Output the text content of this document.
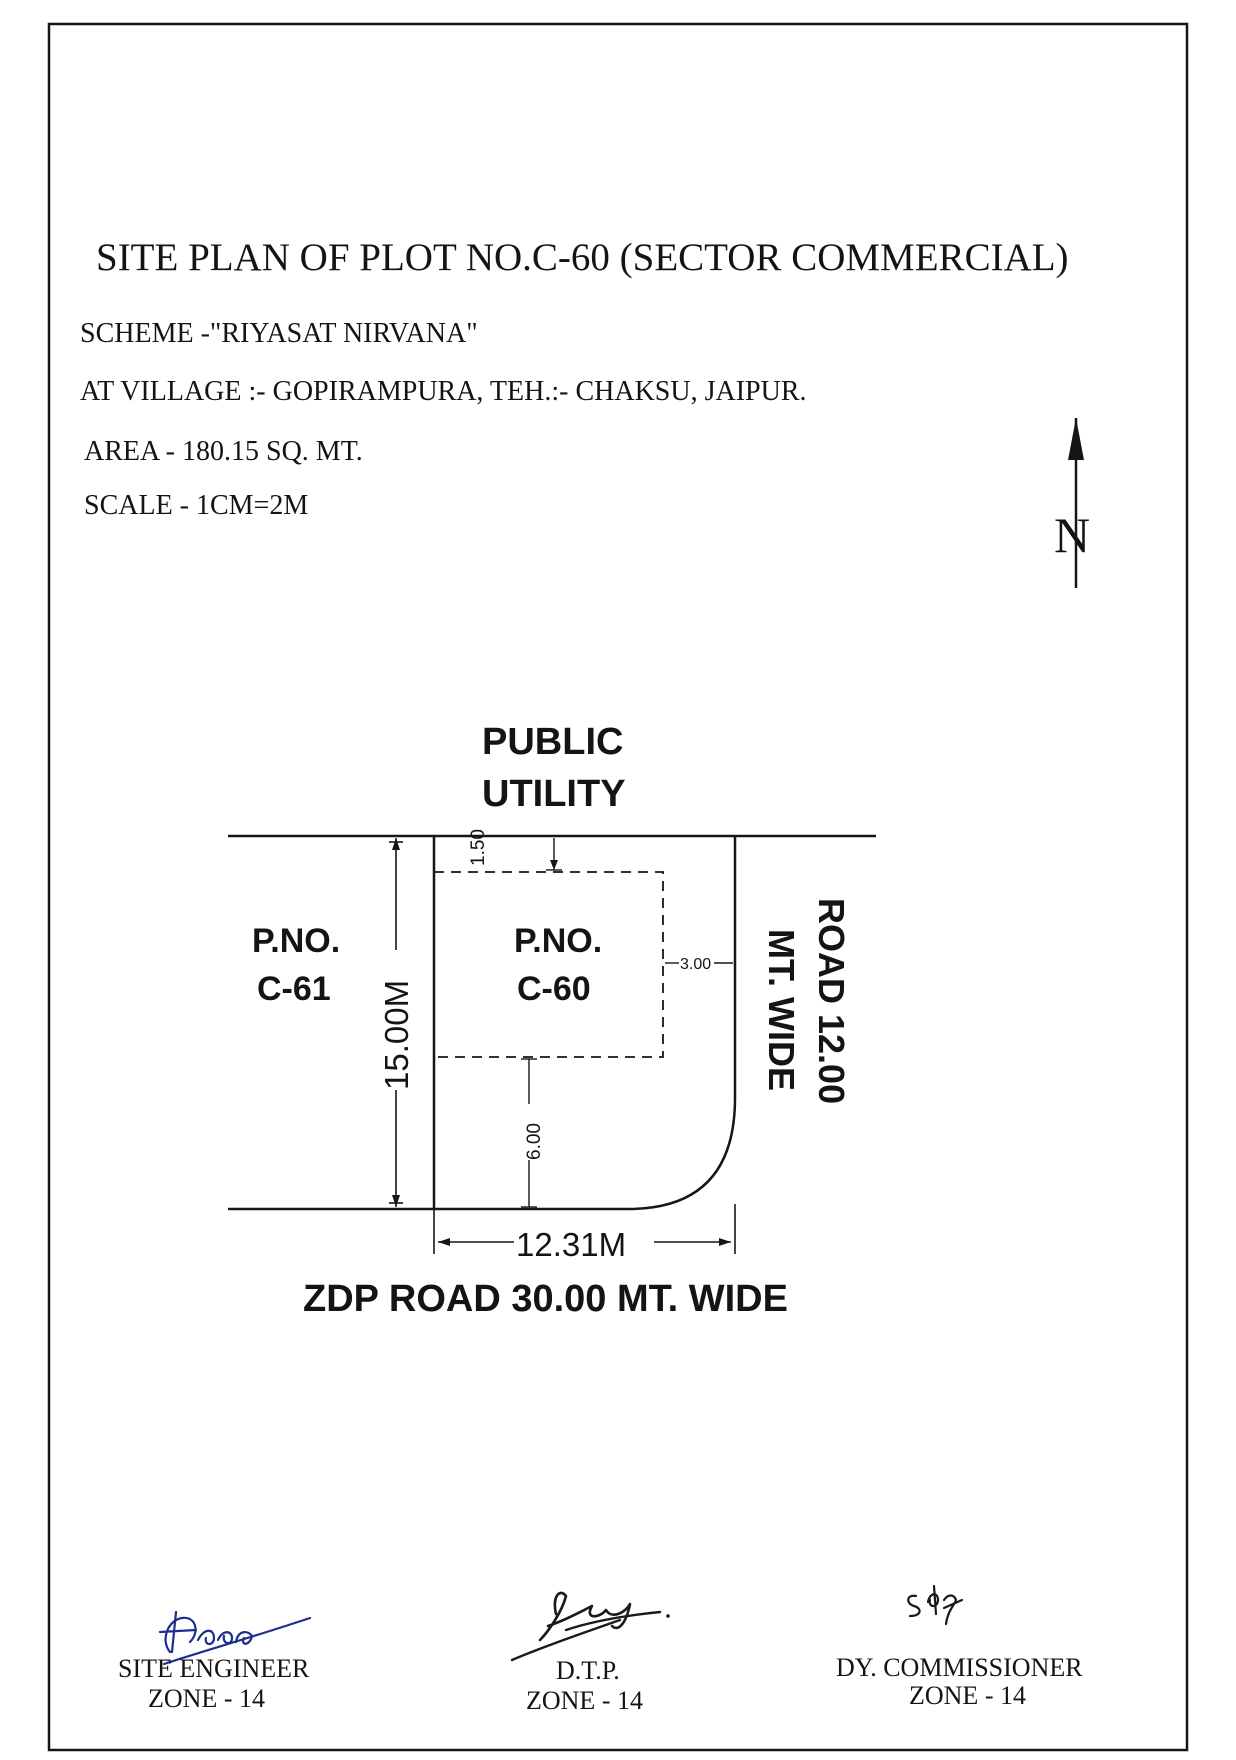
SITE PLAN OF PLOT NO.C-60 (SECTOR COMMERCIAL)
SCHEME -"RIYASAT NIRVANA"
AT VILLAGE :- GOPIRAMPURA, TEH.:- CHAKSU, JAIPUR.
AREA - 180.15 SQ. MT.
SCALE - 1CM=2M
N
15.00M
12.31M
1.50
3.00
6.00
PUBLIC
UTILITY
P.NO.
C-61
P.NO.
C-60	ROAD 12.00
MT. WIDE
ZDP ROAD 30.00 MT. WIDE
SITE ENGINEER
ZONE - 14
D.T.P.
ZONE - 14
DY. COMMISSIONER
ZONE - 14
